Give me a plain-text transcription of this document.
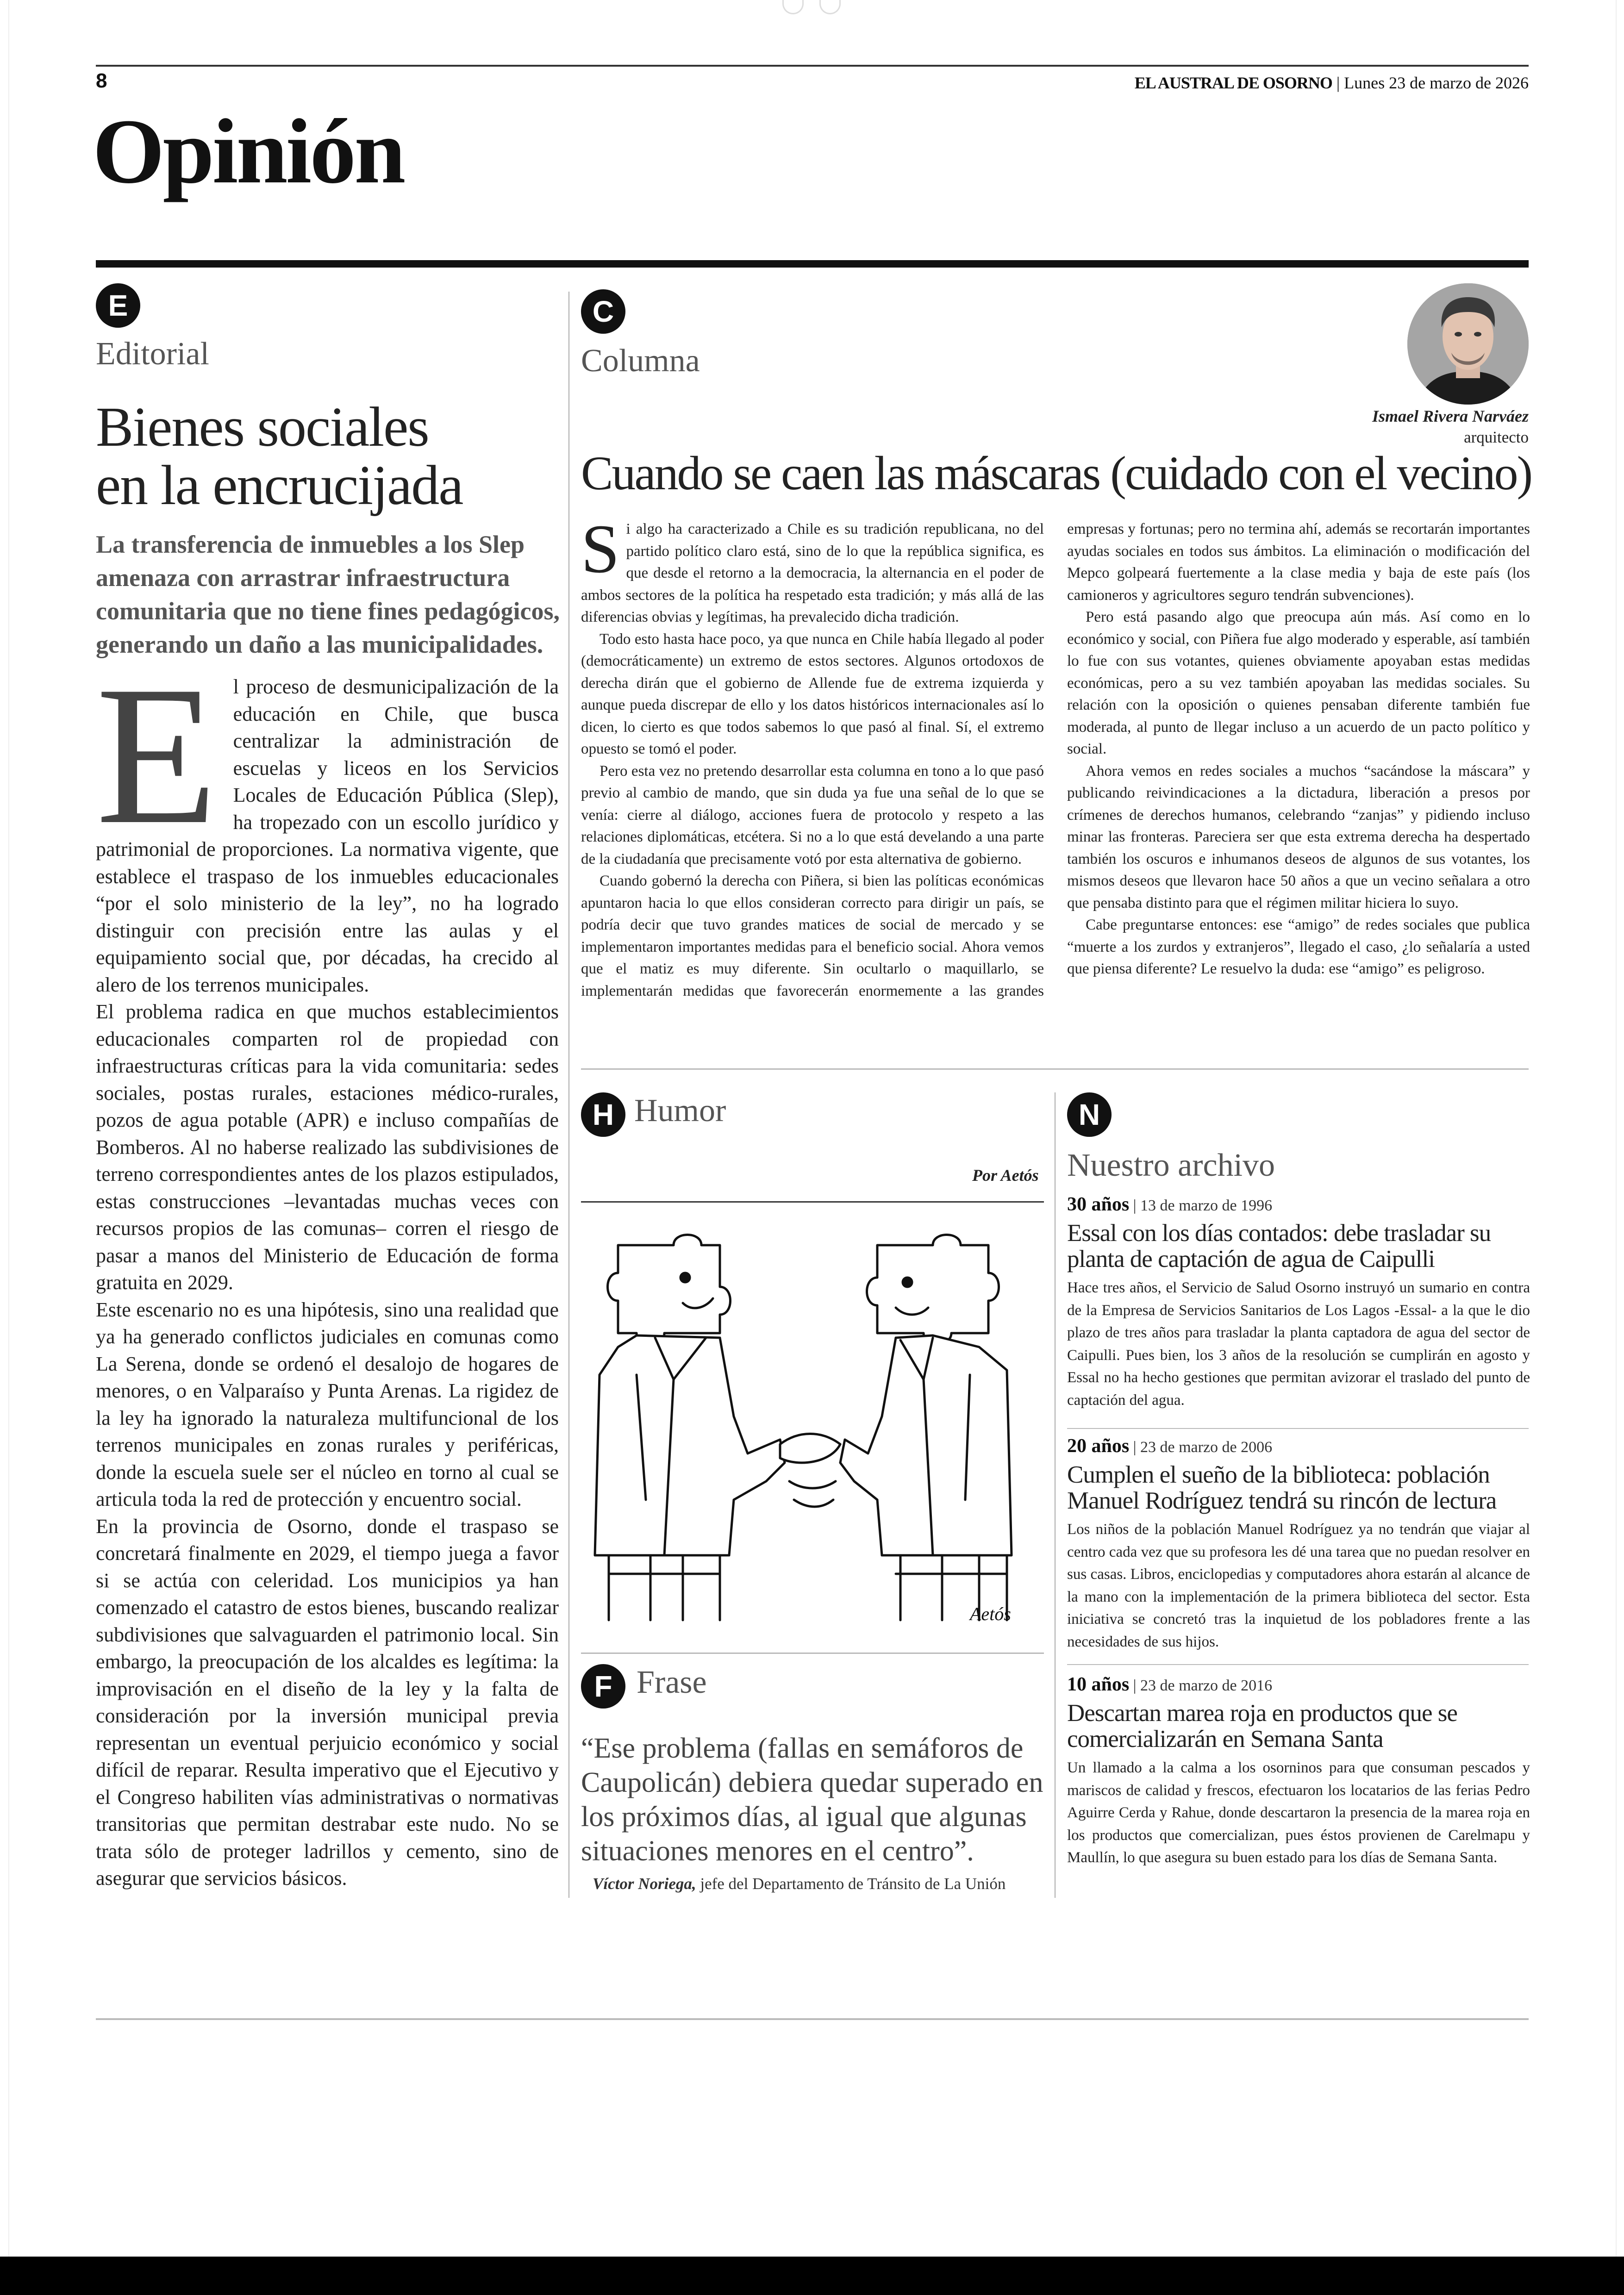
8	EL AUSTRAL DE OSORNO | Lunes 23 de marzo de 2026
Opinión
E
Editorial
Bienes sociales
en la encrucijada
La transferencia de inmuebles a los Slep amenaza con arrastrar infraestructura comunitaria que no tiene fines pedagógicos, generando un daño a las municipalidades.
E l proceso de desmunicipalización de la educación en Chile, que busca centralizar la administración de escuelas y liceos en los Servicios Locales de Educación Pública (Slep), ha tropezado con un escollo jurídico y patrimonial de proporciones. La normativa vigente, que establece el traspaso de los inmuebles educacionales “por el solo ministerio de la ley”, no ha logrado distinguir con precisión entre las aulas y el equipamiento social que, por décadas, ha crecido al alero de los terrenos municipales.
El problema radica en que muchos establecimientos educacionales comparten rol de propiedad con infraestructuras críticas para la vida comunitaria: sedes sociales, postas rurales, estaciones médico-rurales, pozos de agua potable (APR) e incluso compañías de Bomberos. Al no haberse realizado las subdivisiones de terreno correspondientes antes de los plazos estipulados, estas construcciones –levantadas muchas veces con recursos propios de las comunas– corren el riesgo de pasar a manos del Ministerio de Educación de forma gratuita en 2029.
Este escenario no es una hipótesis, sino una realidad que ya ha generado conflictos judiciales en comunas como La Serena, donde se ordenó el desalojo de hogares de menores, o en Valparaíso y Punta Arenas. La rigidez de la ley ha ignorado la naturaleza multifuncional de los terrenos municipales en zonas rurales y periféricas, donde la escuela suele ser el núcleo en torno al cual se articula toda la red de protección y encuentro social.
En la provincia de Osorno, donde el traspaso se concretará finalmente en 2029, el tiempo juega a favor si se actúa con celeridad. Los municipios ya han comenzado el catastro de estos bienes, buscando realizar subdivisiones que salvaguarden el patrimonio local. Sin embargo, la preocupación de los alcaldes es legítima: la improvisación en el diseño de la ley y la falta de consideración por la inversión municipal previa representan un eventual perjuicio económico y social difícil de reparar. Resulta imperativo que el Ejecutivo y el Congreso habiliten vías administrativas o normativas transitorias que permitan destrabar este nudo. No se trata sólo de proteger ladrillos y cemento, sino de asegurar que servicios básicos.
C
Columna
Ismael Rivera Narváez
arquitecto
Cuando se caen las máscaras (cuidado con el vecino)

Si algo ha caracterizado a Chile es su tradición republicana, no del partido político claro está, sino de lo que la república significa, es que desde el retorno a la democracia, la alternancia en el poder de ambos sectores de la política ha respetado esta tradición; y más allá de las diferencias obvias y legítimas, ha prevalecido dicha tradición.

Todo esto hasta hace poco, ya que nunca en Chile había llegado al poder (democráticamente) un extremo de estos sectores. Algunos ortodoxos de derecha dirán que el gobierno de Allende fue de extrema izquierda y aunque pueda discrepar de ello y los datos históricos internacionales así lo dicen, lo cierto es que todos sabemos lo que pasó al final. Sí, el extremo opuesto se tomó el poder.

Pero esta vez no pretendo desarrollar esta columna en tono a lo que pasó previo al cambio de mando, que sin duda ya fue una señal de lo que se venía: cierre al diálogo, acciones fuera de protocolo y respeto a las relaciones diplomáticas, etcétera. Si no a lo que está develando a una parte de la ciudadanía que precisamente votó por esta alternativa de gobierno.

Cuando gobernó la derecha con Piñera, si bien las políticas económicas apuntaron hacia lo que ellos consideran correcto para dirigir un país, se podría decir que tuvo grandes matices de social de mercado y se implementaron importantes medidas para el beneficio social. Ahora vemos que el matiz es muy diferente. Sin ocultarlo o maquillarlo, se implementarán medidas que favorecerán enormemente a las grandes empresas y fortunas; pero no termina ahí, además se recortarán importantes ayudas sociales en todos sus ámbitos. La eliminación o modificación del Mepco golpeará fuertemente a la clase media y baja de este país (los camioneros y agricultores seguro tendrán subvenciones).

Pero está pasando algo que preocupa aún más. Así como en lo económico y social, con Piñera fue algo moderado y esperable, así también lo fue con sus votantes, quienes obviamente apoyaban estas medidas económicas, pero a su vez también apoyaban las medidas sociales. Su relación con la oposición o quienes pensaban diferente también fue moderada, al punto de llegar incluso a un acuerdo de un pacto político y social.

Ahora vemos en redes sociales a muchos “sacándose la máscara” y publicando reivindicaciones a la dictadura, liberación a presos por crímenes de derechos humanos, celebrando “zanjas” y pidiendo incluso minar las fronteras. Pareciera ser que esta extrema derecha ha despertado también los oscuros e inhumanos deseos de algunos de sus votantes, los mismos deseos que llevaron hace 50 años a que un vecino señalara a otro que pensaba distinto para que el régimen militar hiciera lo suyo.

Cabe preguntarse entonces: ese “amigo” de redes sociales que publica “muerte a los zurdos y extranjeros”, llegado el caso, ¿lo señalaría a usted que piensa diferente? Le resuelvo la duda: ese “amigo” es peligroso.

H Humor
Por Aetós
Aetós
F Frase
“Ese problema (fallas en semáforos de Caupolicán) debiera quedar superado en los próximos días, al igual que algunas situaciones menores en el centro”.
Víctor Noriega, jefe del Departamento de Tránsito de La Unión
N
Nuestro archivo
30 años | 13 de marzo de 1996
Essal con los días contados: debe trasladar su planta de captación de agua de Caipulli
Hace tres años, el Servicio de Salud Osorno instruyó un sumario en contra de la Empresa de Servicios Sanitarios de Los Lagos -Essal- a la que le dio plazo de tres años para trasladar la planta captadora de agua del sector de Caipulli. Pues bien, los 3 años de la resolución se cumplirán en agosto y Essal no ha hecho gestiones que permitan avizorar el traslado del punto de captación del agua.
20 años | 23 de marzo de 2006
Cumplen el sueño de la biblioteca: población Manuel Rodríguez tendrá su rincón de lectura
Los niños de la población Manuel Rodríguez ya no tendrán que viajar al centro cada vez que su profesora les dé una tarea que no puedan resolver en sus casas. Libros, enciclopedias y computadores ahora estarán al alcance de la mano con la implementación de la primera biblioteca del sector. Esta iniciativa se concretó tras la inquietud de los pobladores frente a las necesidades de sus hijos.
10 años | 23 de marzo de 2016
Descartan marea roja en productos que se comercializarán en Semana Santa
Un llamado a la calma a los osorninos para que consuman pescados y mariscos de calidad y frescos, efectuaron los locatarios de las ferias Pedro Aguirre Cerda y Rahue, donde descartaron la presencia de la marea roja en los productos que comercializan, pues éstos provienen de Carelmapu y Maullín, lo que asegura su buen estado para los días de Semana Santa.
